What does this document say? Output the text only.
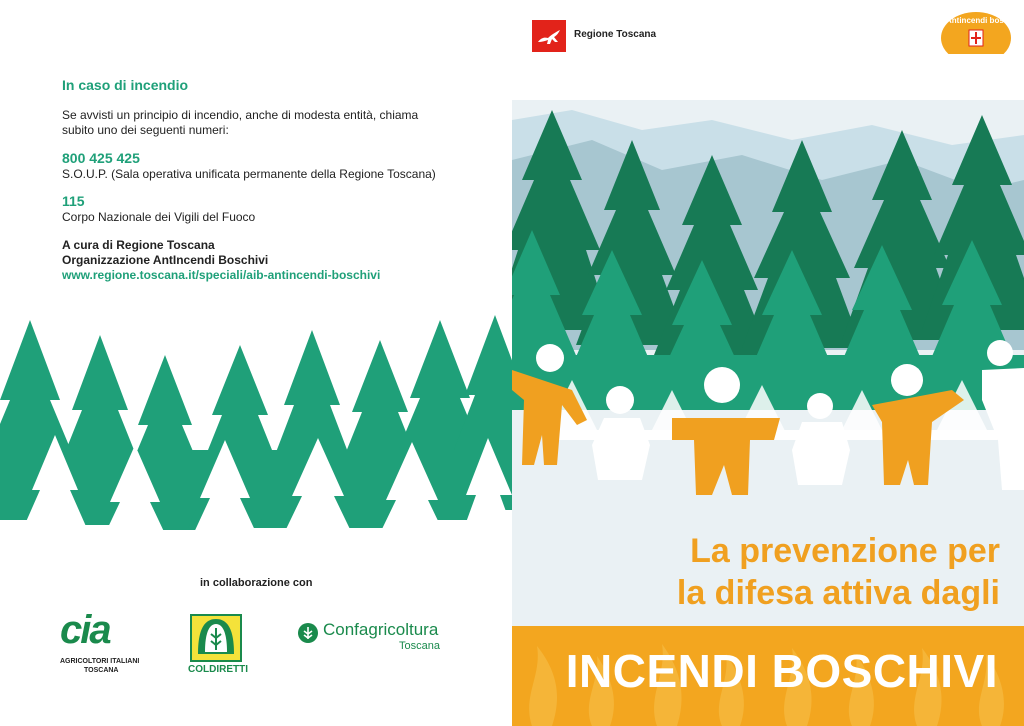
In caso di incendio
Se avvisti un principio di incendio, anche di modesta entità, chiama
subito uno dei seguenti numeri:
800 425 425
S.O.U.P. (Sala operativa unificata permanente della Regione Toscana)
115
Corpo Nazionale dei Vigili del Fuoco
A cura di Regione Toscana
Organizzazione AntIncendi Boschivi
www.regione.toscana.it/speciali/aib-antincendi-boschivi
in collaborazione con
cia
AGRICOLTORI ITALIANI
TOSCANA	COLDIRETTI
Confagricoltura
Toscana
Regione Toscana
Antincendi boschivi
La prevenzione per
la difesa attiva dagli
INCENDI BOSCHIVI
